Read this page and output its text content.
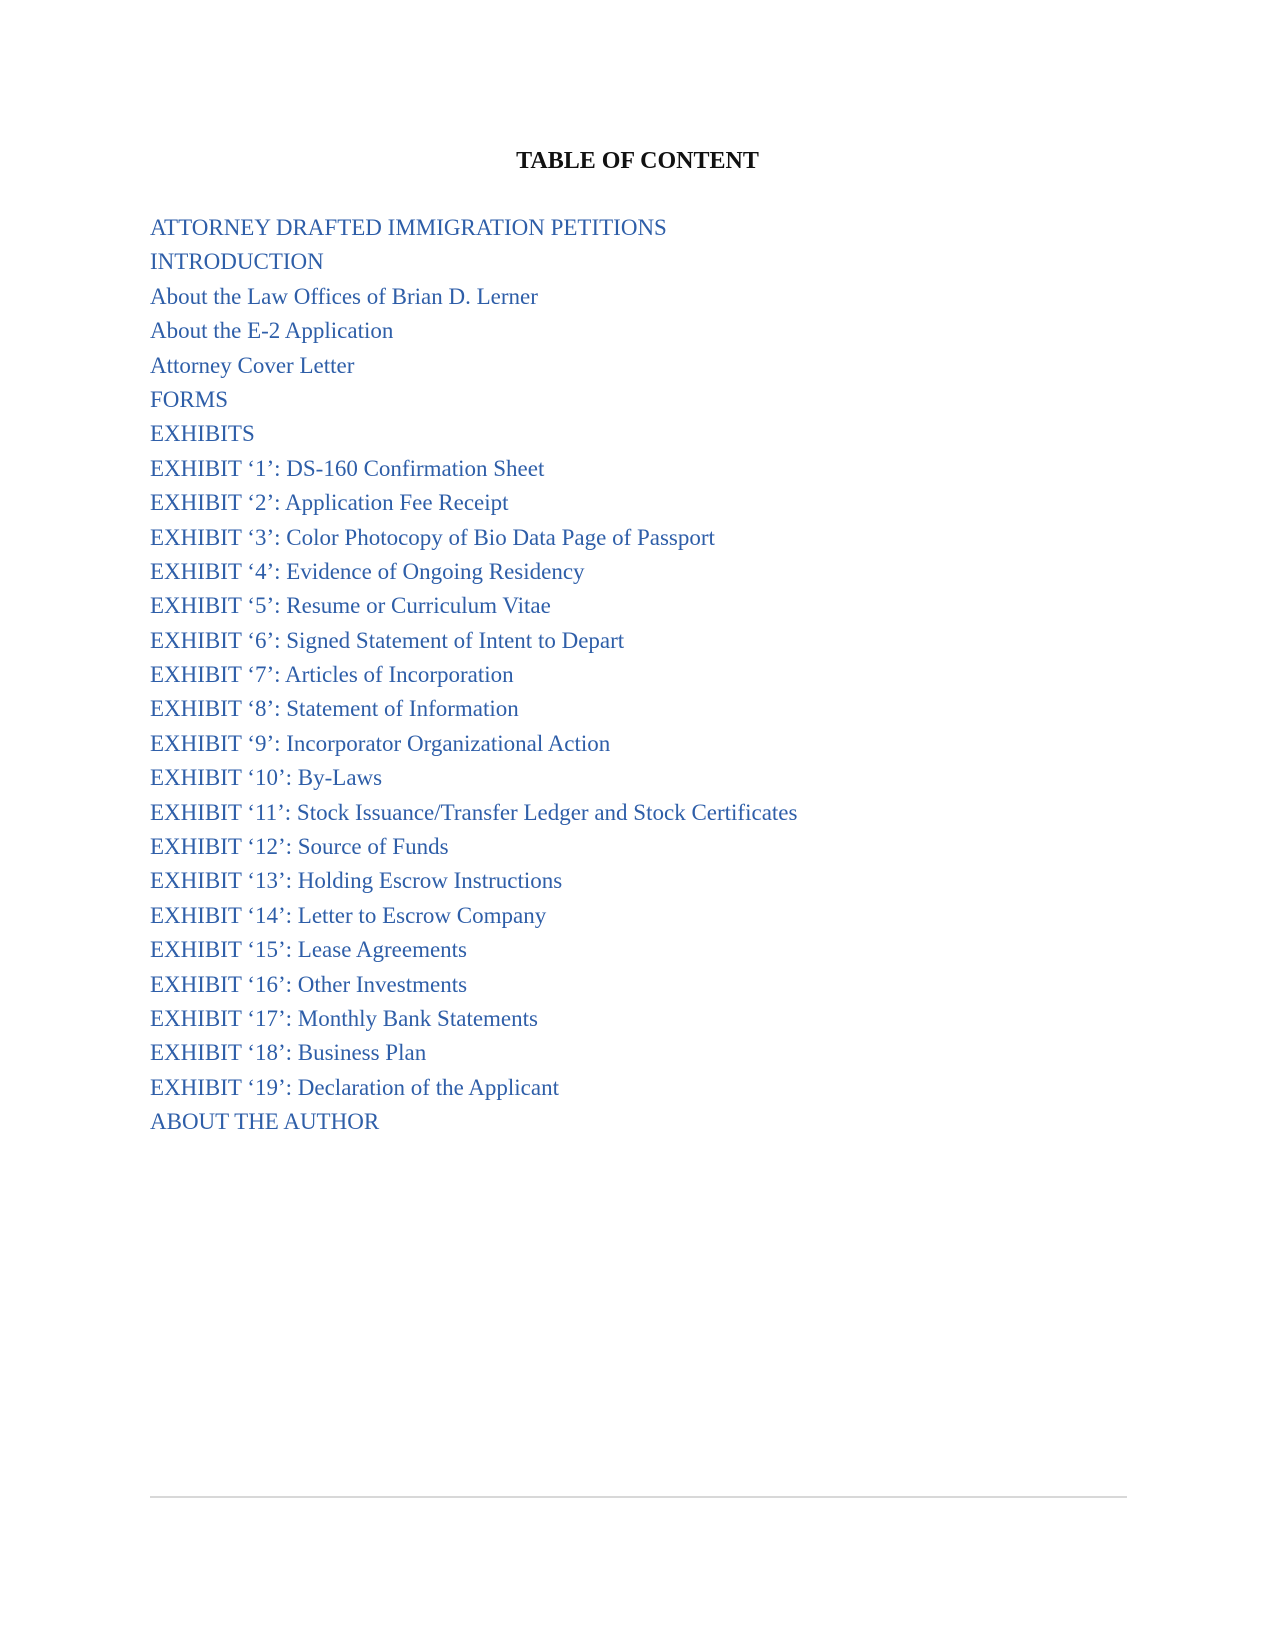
TABLE OF CONTENT
ATTORNEY DRAFTED IMMIGRATION PETITIONS
INTRODUCTION
About the Law Offices of Brian D. Lerner
About the E-2 Application
Attorney Cover Letter
FORMS
EXHIBITS
EXHIBIT ‘1’: DS-160 Confirmation Sheet
EXHIBIT ‘2’: Application Fee Receipt
EXHIBIT ‘3’: Color Photocopy of Bio Data Page of Passport
EXHIBIT ‘4’: Evidence of Ongoing Residency
EXHIBIT ‘5’: Resume or Curriculum Vitae
EXHIBIT ‘6’: Signed Statement of Intent to Depart
EXHIBIT ‘7’: Articles of Incorporation
EXHIBIT ‘8’: Statement of Information
EXHIBIT ‘9’: Incorporator Organizational Action
EXHIBIT ‘10’: By-Laws
EXHIBIT ‘11’: Stock Issuance/Transfer Ledger and Stock Certificates
EXHIBIT ‘12’: Source of Funds
EXHIBIT ‘13’: Holding Escrow Instructions
EXHIBIT ‘14’: Letter to Escrow Company
EXHIBIT ‘15’: Lease Agreements
EXHIBIT ‘16’: Other Investments
EXHIBIT ‘17’: Monthly Bank Statements
EXHIBIT ‘18’: Business Plan
EXHIBIT ‘19’: Declaration of the Applicant
ABOUT THE AUTHOR
